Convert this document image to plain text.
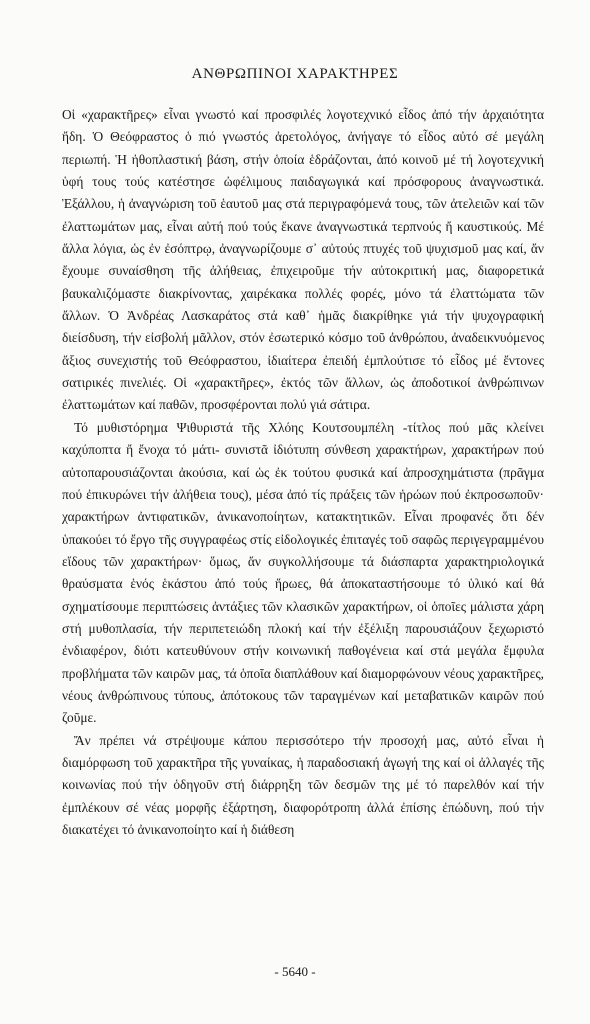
ΑΝΘΡΩΠΙΝΟΙ ΧΑΡΑΚΤΗΡΕΣ

Οἱ «χαρακτῆρες» εἶναι γνωστό καί προσφιλές λογοτεχνικό εἶδος ἀπό τήν ἀρχαιότητα ἤδη. Ὁ Θεόφραστος ὁ πιό γνωστός ἀρετολόγος, ἀνήγαγε τό εἶδος αὐτό σέ μεγάλη περιωπή. Ἡ ἠθοπλαστική βάση, στήν ὁποία ἑδράζονται, ἀπό κοινοῦ μέ τή λογοτεχνική ὑφή τους τούς κατέστησε ὠφέλιμους παιδαγωγικά καί πρόσφορους ἀναγνωστικά. Ἐξάλλου, ἡ ἀναγνώριση τοῦ ἑαυτοῦ μας στά περιγραφόμενά τους, τῶν ἀτελειῶν καί τῶν ἐλαττωμάτων μας, εἶναι αὐτή πού τούς ἔκανε ἀναγνωστικά τερπνούς ἤ καυστικούς. Μέ ἄλλα λόγια, ὡς ἐν ἐσόπτρῳ, ἀναγνωρίζουμε σ᾽ αὐτούς πτυχές τοῦ ψυχισμοῦ μας καί, ἄν ἔχουμε συναίσθηση τῆς ἀλήθειας, ἐπιχειροῦμε τήν αὐτοκριτική μας, διαφορετικά βαυκαλιζόμαστε διακρίνοντας, χαιρέκακα πολλές φορές, μόνο τά ἐλαττώματα τῶν ἄλλων. Ὁ Ἀνδρέας Λασκαράτος στά καθ᾽ ἡμᾶς διακρίθηκε γιά τήν ψυχογραφική διείσδυση, τήν εἰσβολή μᾶλλον, στόν ἐσωτερικό κόσμο τοῦ ἀνθρώπου, ἀναδεικνυόμενος ἄξιος συνεχιστής τοῦ Θεόφραστου, ἰδιαίτερα ἐπειδή ἐμπλούτισε τό εἶδος μέ ἔντονες σατιρικές πινελιές. Οἱ «χαρακτῆρες», ἐκτός τῶν ἄλλων, ὡς ἀποδοτικοί ἀνθρώπινων ἐλαττωμάτων καί παθῶν, προσφέρονται πολύ γιά σάτιρα.

Τό μυθιστόρημα Ψιθυριστά τῆς Χλόης Κουτσουμπέλη -τίτλος πού μᾶς κλείνει καχύποπτα ἤ ἔνοχα τό μάτι- συνιστᾶ ἰδιότυπη σύνθεση χαρακτήρων, χαρακτήρων πού αὐτοπαρουσιάζονται ἀκούσια, καί ὡς ἐκ τούτου φυσικά καί ἀπροσχημάτιστα (πρᾶγμα πού ἐπικυρώνει τήν ἀλήθεια τους), μέσα ἀπό τίς πράξεις τῶν ἡρώων πού ἐκπροσωποῦν· χαρακτήρων ἀντιφατικῶν, ἀνικανοποίητων, κατακτητικῶν. Εἶναι προφανές ὅτι δέν ὑπακούει τό ἔργο τῆς συγγραφέως στίς εἰδολογικές ἐπιταγές τοῦ σαφῶς περιγεγραμμένου εἴδους τῶν χαρακτήρων· ὅμως, ἄν συγκολλήσουμε τά διάσπαρτα χαρακτηριολογικά θραύσματα ἑνός ἑκάστου ἀπό τούς ἥρωες, θά ἀποκαταστήσουμε τό ὑλικό καί θά σχηματίσουμε περιπτώσεις ἀντάξιες τῶν κλασικῶν χαρακτήρων, οἱ ὁποῖες μάλιστα χάρη στή μυθοπλασία, τήν περιπετειώδη πλοκή καί τήν ἐξέλιξη παρουσιάζουν ξεχωριστό ἐνδιαφέρον, διότι κατευθύνουν στήν κοινωνική παθογένεια καί στά μεγάλα ἔμφυλα προβλήματα τῶν καιρῶν μας, τά ὁποῖα διαπλάθουν καί διαμορφώνουν νέους χαρακτῆρες, νέους ἀνθρώπινους τύπους, ἀπότοκους τῶν ταραγμένων καί μεταβατικῶν καιρῶν πού ζοῦμε.

Ἄν πρέπει νά στρέψουμε κάπου περισσότερο τήν προσοχή μας, αὐτό εἶναι ἡ διαμόρφωση τοῦ χαρακτῆρα τῆς γυναίκας, ἡ παραδοσιακή ἀγωγή της καί οἱ ἀλλαγές τῆς κοινωνίας πού τήν ὁδηγοῦν στή διάρρηξη τῶν δεσμῶν της μέ τό παρελθόν καί τήν ἐμπλέκουν σέ νέας μορφῆς ἐξάρτηση, διαφορότροπη ἀλλά ἐπίσης ἐπώδυνη, πού τήν διακατέχει τό ἀνικανοποίητο καί ἡ διάθεση

- 5640 -
